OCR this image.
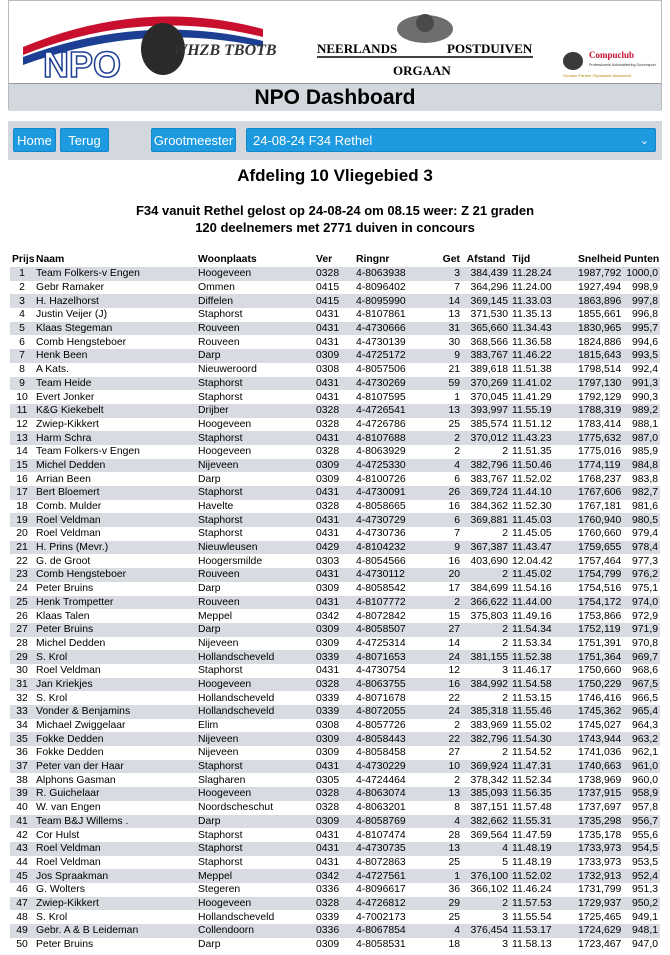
NPO	WHZB TBOTB	NEERLANDS	POSTDUIVEN
ORGAAN
Compuclub
Professionele Automatisering Duivensport
Gouden Partner Olympiade Maastricht
NPO Dashboard
Home	Terug	Grootmeester	24-08-24 F34 Rethel	⌄
Afdeling 10 Vliegebied 3
F34 vanuit Rethel gelost op 24-08-24 om 08.15 weer: Z 21 graden
120 deelnemers met 2771 duiven in concours
Prijs	Naam	Woonplaats	Ver	Ringnr	Get	Afstand	Tijd	Snelheid	Punten
1	Team Folkers-v Engen	Hoogeveen	0328	4-8063938	3	384,439	11.28.24	1987,792	1000,0
2	Gebr Ramaker	Ommen	0415	4-8096402	7	364,296	11.24.00	1927,494	998,9
3	H. Hazelhorst	Diffelen	0415	4-8095990	14	369,145	11.33.03	1863,896	997,8
4	Justin Veijer (J)	Staphorst	0431	4-8107861	13	371,530	11.35.13	1855,661	996,8
5	Klaas Stegeman	Rouveen	0431	4-4730666	31	365,660	11.34.43	1830,965	995,7
6	Comb Hengsteboer	Rouveen	0431	4-4730139	30	368,566	11.36.58	1824,886	994,6
7	Henk Been	Darp	0309	4-4725172	9	383,767	11.46.22	1815,643	993,5
8	A Kats.	Nieuweroord	0308	4-8057506	21	389,618	11.51.38	1798,514	992,4
9	Team Heide	Staphorst	0431	4-4730269	59	370,269	11.41.02	1797,130	991,3
10	Evert Jonker	Staphorst	0431	4-8107595	1	370,045	11.41.29	1792,129	990,3
11	K&G Kiekebelt	Drijber	0328	4-4726541	13	393,997	11.55.19	1788,319	989,2
12	Zwiep-Kikkert	Hoogeveen	0328	4-4726786	25	385,574	11.51.12	1783,414	988,1
13	Harm Schra	Staphorst	0431	4-8107688	2	370,012	11.43.23	1775,632	987,0
14	Team Folkers-v Engen	Hoogeveen	0328	4-8063929	2	2	11.51.35	1775,016	985,9
15	Michel Dedden	Nijeveen	0309	4-4725330	4	382,796	11.50.46	1774,119	984,8
16	Arrian Been	Darp	0309	4-8100726	6	383,767	11.52.02	1768,237	983,8
17	Bert Bloemert	Staphorst	0431	4-4730091	26	369,724	11.44.10	1767,606	982,7
18	Comb. Mulder	Havelte	0328	4-8058665	16	384,362	11.52.30	1767,181	981,6
19	Roel Veldman	Staphorst	0431	4-4730729	6	369,881	11.45.03	1760,940	980,5
20	Roel Veldman	Staphorst	0431	4-4730736	7	2	11.45.05	1760,660	979,4
21	H. Prins (Mevr.)	Nieuwleusen	0429	4-8104232	9	367,387	11.43.47	1759,655	978,4
22	G. de Groot	Hoogersmilde	0303	4-8054566	16	403,690	12.04.42	1757,464	977,3
23	Comb Hengsteboer	Rouveen	0431	4-4730112	20	2	11.45.02	1754,799	976,2
24	Peter Bruins	Darp	0309	4-8058542	17	384,699	11.54.16	1754,516	975,1
25	Henk Trompetter	Rouveen	0431	4-8107772	2	366,622	11.44.00	1754,172	974,0
26	Klaas Talen	Meppel	0342	4-8072842	15	375,803	11.49.16	1753,866	972,9
27	Peter Bruins	Darp	0309	4-8058507	27	2	11.54.34	1752,119	971,9
28	Michel Dedden	Nijeveen	0309	4-4725314	14	2	11.53.34	1751,391	970,8
29	S. Krol	Hollandscheveld	0339	4-8071653	24	381,155	11.52.38	1751,364	969,7
30	Roel Veldman	Staphorst	0431	4-4730754	12	3	11.46.17	1750,660	968,6
31	Jan Kriekjes	Hoogeveen	0328	4-8063755	16	384,992	11.54.58	1750,229	967,5
32	S. Krol	Hollandscheveld	0339	4-8071678	22	2	11.53.15	1746,416	966,5
33	Vonder & Benjamins	Hollandscheveld	0339	4-8072055	24	385,318	11.55.46	1745,362	965,4
34	Michael Zwiggelaar	Elim	0308	4-8057726	2	383,969	11.55.02	1745,027	964,3
35	Fokke Dedden	Nijeveen	0309	4-8058443	22	382,796	11.54.30	1743,944	963,2
36	Fokke Dedden	Nijeveen	0309	4-8058458	27	2	11.54.52	1741,036	962,1
37	Peter van der Haar	Staphorst	0431	4-4730229	10	369,924	11.47.31	1740,663	961,0
38	Alphons Gasman	Slagharen	0305	4-4724464	2	378,342	11.52.34	1738,969	960,0
39	R. Guichelaar	Hoogeveen	0328	4-8063074	13	385,093	11.56.35	1737,915	958,9
40	W. van Engen	Noordscheschut	0328	4-8063201	8	387,151	11.57.48	1737,697	957,8
41	Team B&J Willems .	Darp	0309	4-8058769	4	382,662	11.55.31	1735,298	956,7
42	Cor Hulst	Staphorst	0431	4-8107474	28	369,564	11.47.59	1735,178	955,6
43	Roel Veldman	Staphorst	0431	4-4730735	13	4	11.48.19	1733,973	954,5
44	Roel Veldman	Staphorst	0431	4-8072863	25	5	11.48.19	1733,973	953,5
45	Jos Spraakman	Meppel	0342	4-4727561	1	376,100	11.52.02	1732,913	952,4
46	G. Wolters	Stegeren	0336	4-8096617	36	366,102	11.46.24	1731,799	951,3
47	Zwiep-Kikkert	Hoogeveen	0328	4-4726812	29	2	11.57.53	1729,937	950,2
48	S. Krol	Hollandscheveld	0339	4-7002173	25	3	11.55.54	1725,465	949,1
49	Gebr. A & B Leideman	Collendoorn	0336	4-8067854	4	376,454	11.53.17	1724,629	948,1
50	Peter Bruins	Darp	0309	4-8058531	18	3	11.58.13	1723,467	947,0
